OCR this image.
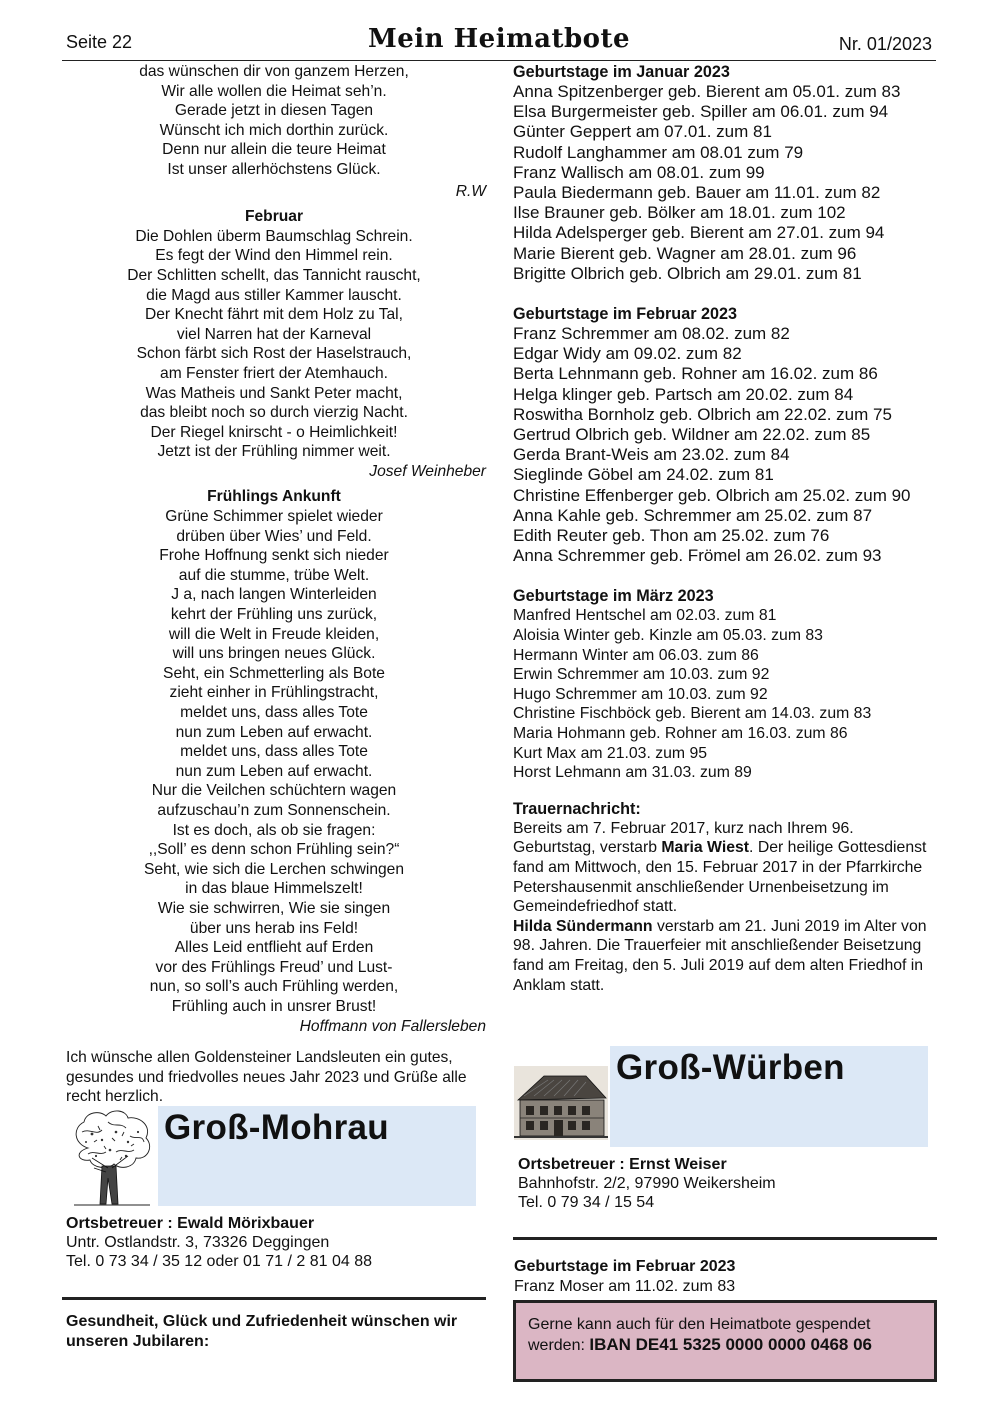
Seite 22	Mein Heimatbote	Nr. 01/2023
das wünschen dir von ganzem Herzen,
Wir alle wollen die Heimat seh’n.
Gerade jetzt in diesen Tagen
Wünscht ich mich dorthin zurück.
Denn nur allein die teure Heimat
Ist unser allerhöchstens Glück.
R.W
Februar
Die Dohlen überm Baumschlag Schrein.
Es fegt der Wind den Himmel rein.
Der Schlitten schellt, das Tannicht rauscht,
die Magd aus stiller Kammer lauscht.
Der Knecht fährt mit dem Holz zu Tal,
viel Narren hat der Karneval
Schon färbt sich Rost der Haselstrauch,
am Fenster friert der Atemhauch.
Was Matheis und Sankt Peter macht,
das bleibt noch so durch vierzig Nacht.
Der Riegel knirscht - o Heimlichkeit!
Jetzt ist der Frühling nimmer weit.
Josef Weinheber
Frühlings Ankunft
Grüne Schimmer spielet wieder
drüben über Wies’ und Feld.
Frohe Hoffnung senkt sich nieder
auf die stumme, trübe Welt.
J a, nach langen Winterleiden
kehrt der Frühling uns zurück,
will die Welt in Freude kleiden,
will uns bringen neues Glück.
Seht, ein Schmetterling als Bote
zieht einher in Frühlingstracht,
meldet uns, dass alles Tote
nun zum Leben auf erwacht.
meldet uns, dass alles Tote
nun zum Leben auf erwacht.
Nur die Veilchen schüchtern wagen
aufzuschau’n zum Sonnenschein.
Ist es doch, als ob sie fragen:
,,Soll’ es denn schon Frühling sein?“
Seht, wie sich die Lerchen schwingen
in das blaue Himmelszelt!
Wie sie schwirren, Wie sie singen
über uns herab ins Feld!
Alles Leid entflieht auf Erden
vor des Frühlings Freud’ und Lust-
nun, so soll’s auch Frühling werden,
Frühling auch in unsrer Brust!
Hoffmann von Fallersleben
Ich wünsche allen Goldensteiner Landsleuten ein gutes, gesundes und friedvolles neues Jahr 2023 und Grüße alle recht herzlich.
Groß-Mohrau
Ortsbetreuer : Ewald Mörixbauer
Untr. Ostlandstr. 3, 73326 Deggingen
Tel. 0 73 34 / 35 12 oder 01 71 / 2 81 04 88
Gesundheit, Glück und Zufriedenheit wünschen wir unseren Jubilaren:
Geburtstage im Januar 2023
Anna Spitzenberger geb. Bierent am 05.01. zum 83
Elsa Burgermeister geb. Spiller am 06.01. zum 94
Günter Geppert am 07.01. zum 81
Rudolf Langhammer am 08.01 zum 79
Franz Wallisch am 08.01. zum 99
Paula Biedermann geb. Bauer am 11.01. zum 82
Ilse Brauner geb. Bölker am 18.01. zum 102
Hilda Adelsperger geb. Bierent am 27.01. zum 94
Marie Bierent geb. Wagner am 28.01. zum 96
Brigitte Olbrich geb. Olbrich am 29.01. zum 81
Geburtstage im Februar 2023
Franz Schremmer am 08.02. zum 82
Edgar Widy am 09.02. zum 82
Berta Lehnmann geb. Rohner am 16.02. zum 86
Helga klinger geb. Partsch am 20.02. zum 84
Roswitha Bornholz geb. Olbrich am 22.02. zum 75
Gertrud Olbrich geb. Wildner am 22.02. zum 85
Gerda Brant-Weis am 23.02. zum 84
Sieglinde Göbel am 24.02. zum 81
Christine Effenberger geb. Olbrich am 25.02. zum 90
Anna Kahle geb. Schremmer am 25.02. zum 87
Edith Reuter geb. Thon am 25.02. zum 76
Anna Schremmer geb. Frömel am 26.02. zum 93
Geburtstage im März 2023
Manfred Hentschel am 02.03. zum 81
Aloisia Winter geb. Kinzle am 05.03. zum 83
Hermann Winter am 06.03. zum 86
Erwin Schremmer am 10.03. zum 92
Hugo Schremmer am 10.03. zum 92
Christine Fischböck geb. Bierent am 14.03. zum 83
Maria Hohmann geb. Rohner am 16.03. zum 86
Kurt Max am 21.03. zum 95
Horst Lehmann am 31.03. zum 89
Trauernachricht:
Bereits am 7. Februar 2017, kurz nach Ihrem 96. Geburtstag, verstarb Maria Wiest. Der heilige Gottesdienst fand am Mittwoch, den 15. Februar 2017 in der Pfarrkirche Petershausenmit anschließender Urnenbeisetzung im Gemeindefriedhof statt.
Hilda Sündermann verstarb am 21. Juni 2019 im Alter von 98. Jahren. Die Trauerfeier mit anschließender Beisetzung fand am Freitag, den 5. Juli 2019 auf dem alten Friedhof in Anklam statt.
Groß-Würben
Ortsbetreuer : Ernst Weiser
Bahnhofstr. 2/2, 97990 Weikersheim
Tel. 0 79 34 / 15 54
Geburtstage im Februar 2023
Franz Moser am 11.02. zum 83
Gerne kann auch für den Heimatbote gespendet werden: IBAN DE41 5325 0000 0000 0468 06
